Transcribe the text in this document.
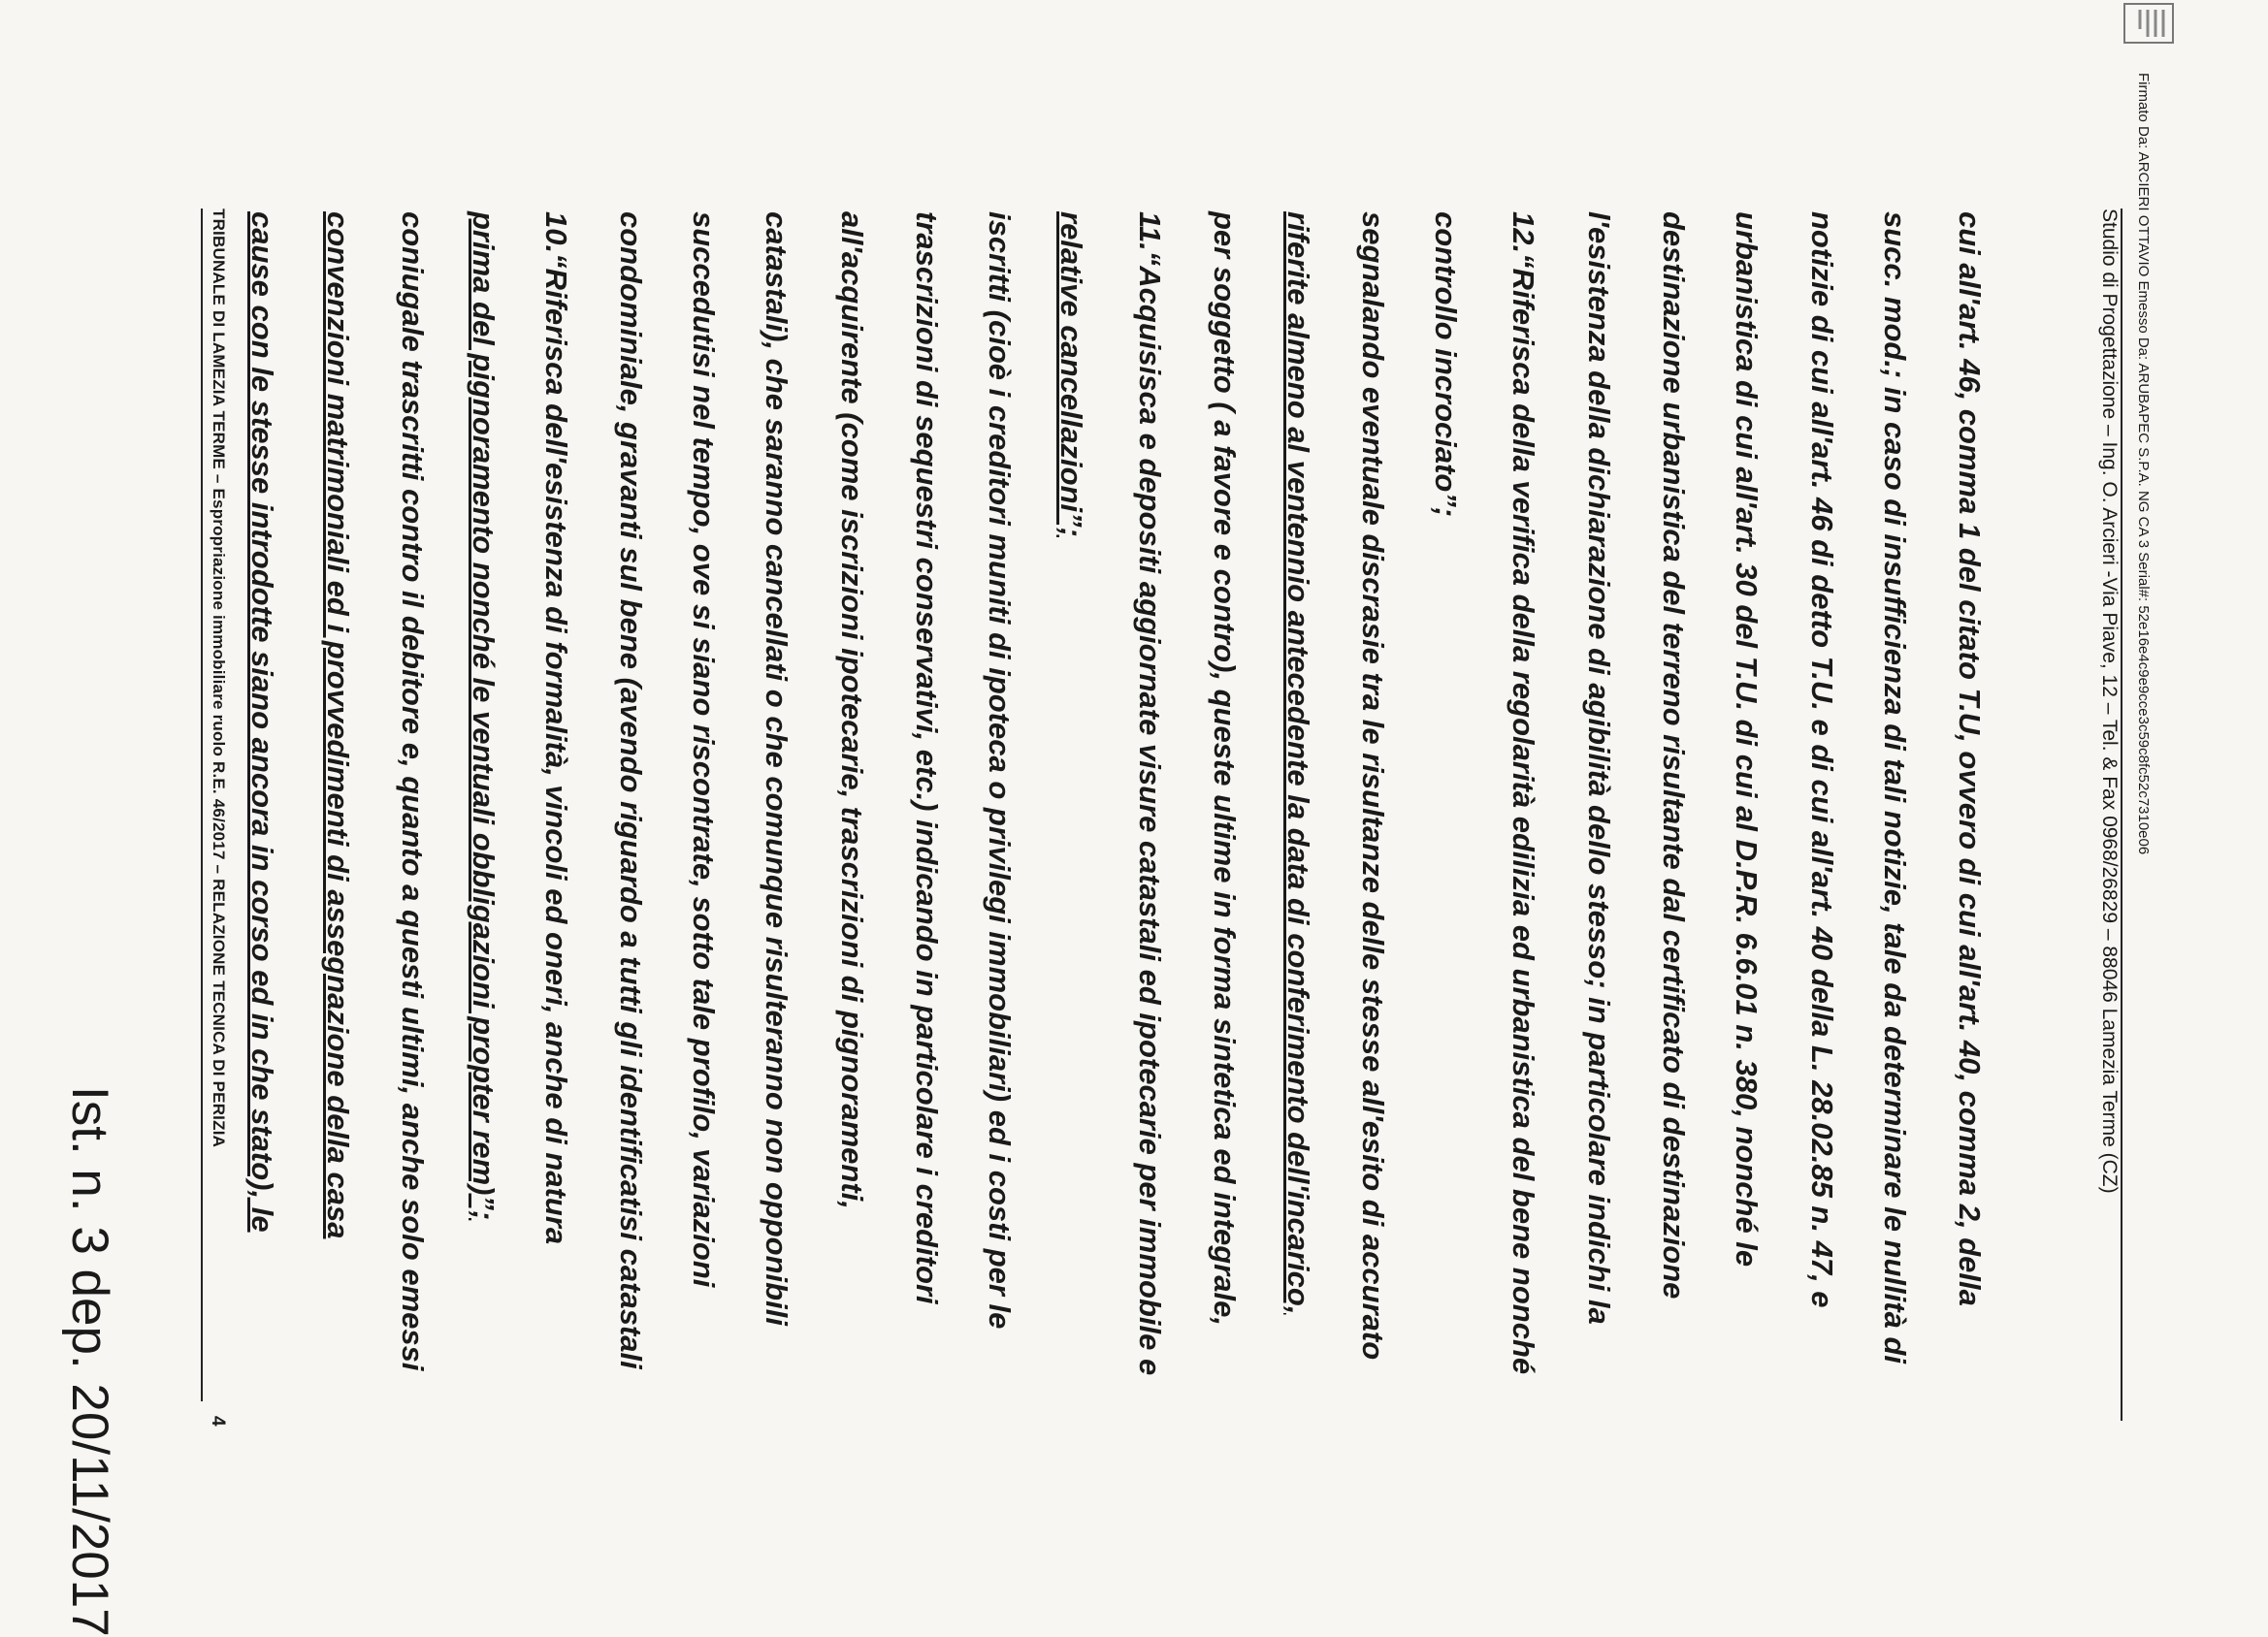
Ist. n. 3 dep. 20/11/2017
TRIBUNALE DI LAMEZIA TERME – Espropriazione immobiliare ruolo R.E. 46/2017 – RELAZIONE TECNICA DI PERIZIA
4
cause con le stesse introdotte siano ancora in corso ed in che stato), le convenzioni matrimoniali ed i provvedimenti di assegnazione della casa coniugale trascritti contro il debitore e, quanto a questi ultimi, anche solo emessi prima del pignoramento nonché le ventuali obbligazioni propter rem)”; 10.“Riferisca dell'esistenza di formalità, vincoli ed oneri, anche di natura condominiale, gravanti sul bene (avendo riguardo a tutti gli identificatisi catastali succedutisi nel tempo, ove si siano riscontrate, sotto tale profilo, variazioni catastali), che saranno cancellati o che comunque risulteranno non opponibili all'acquirente (come iscrizioni ipotecarie, trascrizioni di pignoramenti, trascrizioni di sequestri conservativi, etc.) indicando in particolare i creditori iscritti (cioè i creditori muniti di ipoteca o privilegi immobiliari) ed i costi per le relative cancellazioni”; 11.“Acquisisca e depositi aggiornate visure catastali ed ipotecarie per immobile e per soggetto ( a favore e contro), queste ultime in forma sintetica ed integrale, riferite almeno al ventennio antecedente la data di conferimento dell'incarico, segnalando eventuale discrasie tra le risultanze delle stesse all'esito di accurato controllo incrociato”; 12.“Riferisca della verifica della regolarità edilizia ed urbanistica del bene nonché l'esistenza della dichiarazione di agibilità dello stesso; in particolare indichi la destinazione urbanistica del terreno risultante dal certificato di destinazione urbanistica di cui all'art. 30 del T.U. di cui al D.P.R. 6.6.01 n. 380, nonché le notizie di cui all'art. 46 di detto T.U. e di cui all'art. 40 della L. 28.02.85 n. 47, e succ. mod.; in caso di insufficienza di tali notizie, tale da determinare le nullità di cui all'art. 46, comma 1 del citato T.U, ovvero di cui all'art. 40, comma 2, della	Studio di Progettazione – Ing. O. Arcieri -Via Piave, 12 – Tel. & Fax 0968/26829 – 88046 Lamezia Terme (CZ) Firmato Da: ARCIERI OTTAVIO Emesso Da: ARUBAPEC S.P.A. NG CA 3 Serial#: 52e16e4c9e9cce3c59c8fc52c7310e06
